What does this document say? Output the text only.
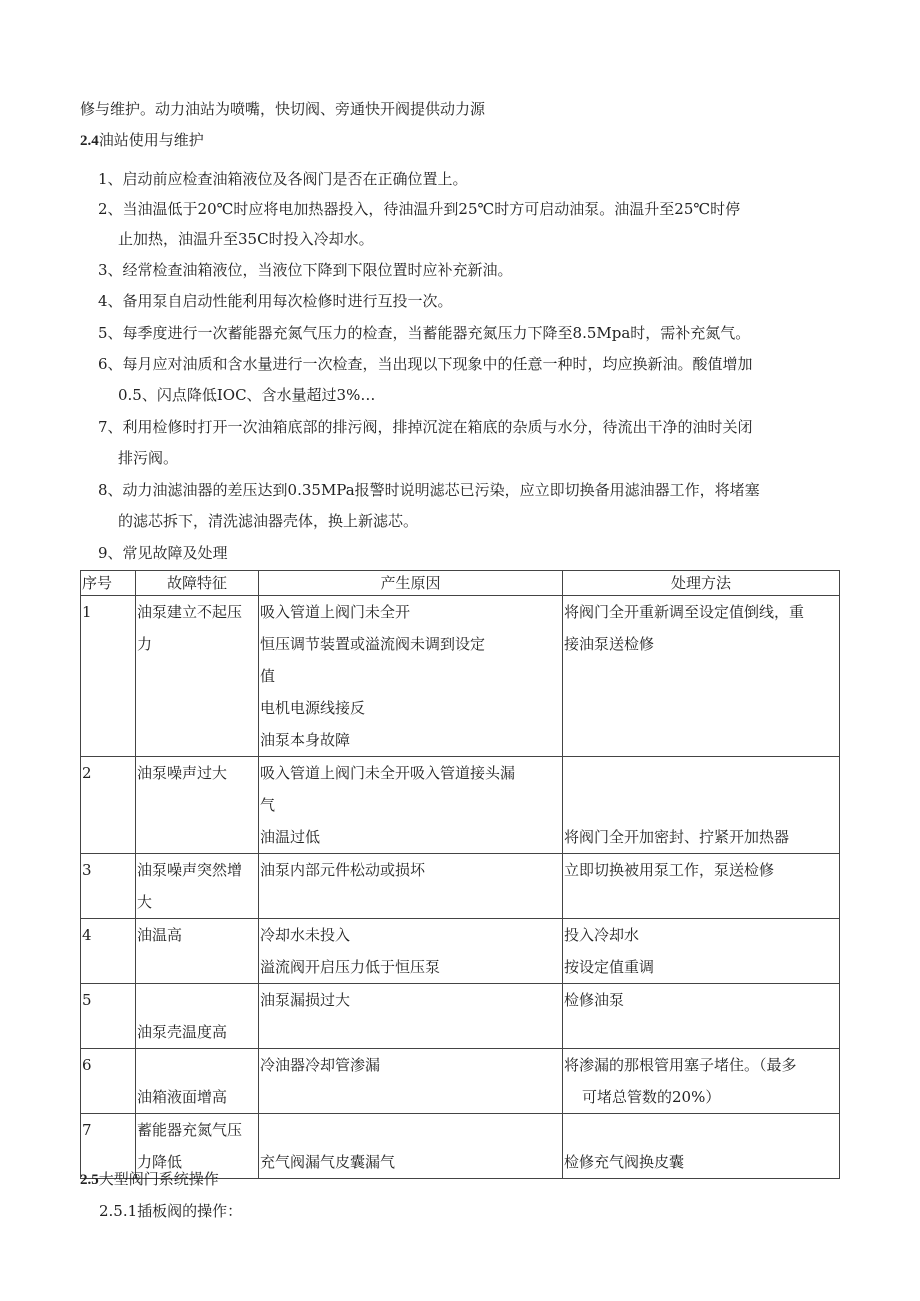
修与维护。动力油站为喷嘴，快切阀、旁通快开阀提供动力源
2.4油站使用与维护
1、启动前应检查油箱液位及各阀门是否在正确位置上。
2、当油温低于20℃时应将电加热器投入，待油温升到25℃时方可启动油泵。油温升至25℃时停
止加热，油温升至35C时投入冷却水。
3、经常检查油箱液位，当液位下降到下限位置时应补充新油。
4、备用泵自启动性能利用每次检修时进行互投一次。
5、每季度进行一次蓄能器充氮气压力的检查，当蓄能器充氮压力下降至8.5Mpa时，需补充氮气。
6、每月应对油质和含水量进行一次检查，当出现以下现象中的任意一种时，均应换新油。酸值增加
0.5、闪点降低IOC、含水量超过3%…
7、利用检修时打开一次油箱底部的排污阀，排掉沉淀在箱底的杂质与水分，待流出干净的油时关闭
排污阀。
8、动力油滤油器的差压达到0.35MPa报警时说明滤芯已污染，应立即切换备用滤油器工作，将堵塞
的滤芯拆下，清洗滤油器壳体，换上新滤芯。
9、常见故障及处理
序号	故障特征	产生原因	处理方法
1	油泵建立不起压
力	吸入管道上阀门未全开
恒压调节装置或溢流阀未调到设定
值
电机电源线接反
油泵本身故障	将阀门全开重新调至设定值倒线，重
接油泵送检修

2	油泵噪声过大	吸入管道上阀门未全开吸入管道接头漏
气
油温过低	将阀门全开加密封、拧紧开加热器

3	油泵噪声突然增
大	油泵内部元件松动或损坏	立即切换被用泵工作，泵送检修

4	油温高	冷却水未投入
溢流阀开启压力低于恒压泵	投入冷却水
按设定值重调

5	油泵壳温度高	油泵漏损过大	检修油泵

6	油箱液面增高	冷油器冷却管渗漏	将渗漏的那根管用塞子堵住。（最多
可堵总管数的20%）

7	蓄能器充氮气压
力降低	充气阀漏气皮囊漏气	检修充气阀换皮囊
2.5大型阀门系统操作
2.5.1插板阀的操作：
